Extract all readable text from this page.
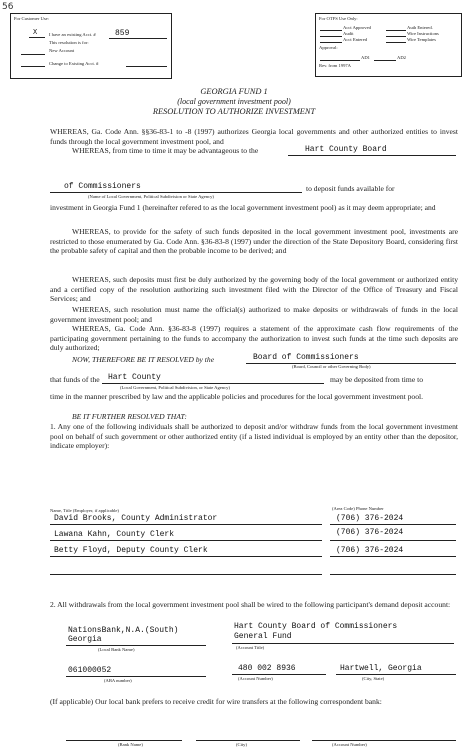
56
For Customer Use:
X	I have an existing Acct. # 859
This resolution is for:
New Account
Change to Existing Acct. #
For OTFS Use Only:
Acct Approved	Auth Entered.
Audit	Wire Instructions
Acct Entered	Wire Templates
Approval:
AD1	AD2
Rev. from 1997A
GEORGIA FUND 1
(local government investment pool)
RESOLUTION TO AUTHORIZE INVESTMENT
WHEREAS, Ga. Code Ann. §§36-83-1 to -8 (1997) authorizes Georgia local governments and other authorized entities to invest funds through the local government investment pool, and
WHEREAS, from time to time it may be advantageous to the	Hart County Board
of Commissioners	to deposit funds available for
(Name of Local Government, Political Subdivision or State Agency)
investment in Georgia Fund 1 (hereinafter refered to as the local government investment pool) as it may deem appropriate; and
WHEREAS, to provide for the safety of such funds deposited in the local government investment pool, investments are restricted to those enumerated by Ga. Code Ann. §36-83-8 (1997) under the direction of the State Depository Board, considering first the probable safety of capital and then the probable income to be derived; and
WHEREAS, such deposits must first be duly authorized by the governing body of the local government or authorized entity and a certified copy of the resolution authorizing such investment filed with the Director of the Office of Treasury and Fiscal Services; and
WHEREAS, such resolution must name the official(s) authorized to make deposits or withdrawals of funds in the local government investment pool; and
WHEREAS, Ga. Code Ann. §36-83-8 (1997) requires a statement of the approximate cash flow requirements of the participating government pertaining to the funds to accompany the authorization to invest such funds at the time such deposits are duly authorized;
NOW, THEREFORE BE IT RESOLVED by the	Board of Commissioners
(Board, Council or other Governing Body)
that funds of the Hart County	may be deposited from time to
(Local Government, Political Subdivision, or State Agency)
time in the manner prescribed by law and the applicable policies and procedures for the local government investment pool.
BE IT FURTHER RESOLVED THAT:
1. Any one of the following individuals shall be authorized to deposit and/or withdraw funds from the local government investment pool on behalf of such government or other authorized entity (if a listed individual is employed by an entity other than the depositor, indicate employer):
Name, Title (Employer, if applicable)	(Area Code) Phone Number
David Brooks, County Administrator	(706) 376-2024
Lawana Kahn, County Clerk	(706) 376-2024
Betty Floyd, Deputy County Clerk	(706) 376-2024
2. All withdrawals from the local government investment pool shall be wired to the following participant's demand deposit account:
NationsBank,N.A.(South)
Georgia
(Local Bank Name)
Hart County Board of Commissioners
General Fund
(Account Title)
061000052
(ABA number)
480 002 8936
(Account Number)
Hartwell, Georgia
(City, State)
(If applicable) Our local bank prefers to receive credit for wire transfers at the following correspondent bank:
(Bank Name)	(City)	(Account Number)
